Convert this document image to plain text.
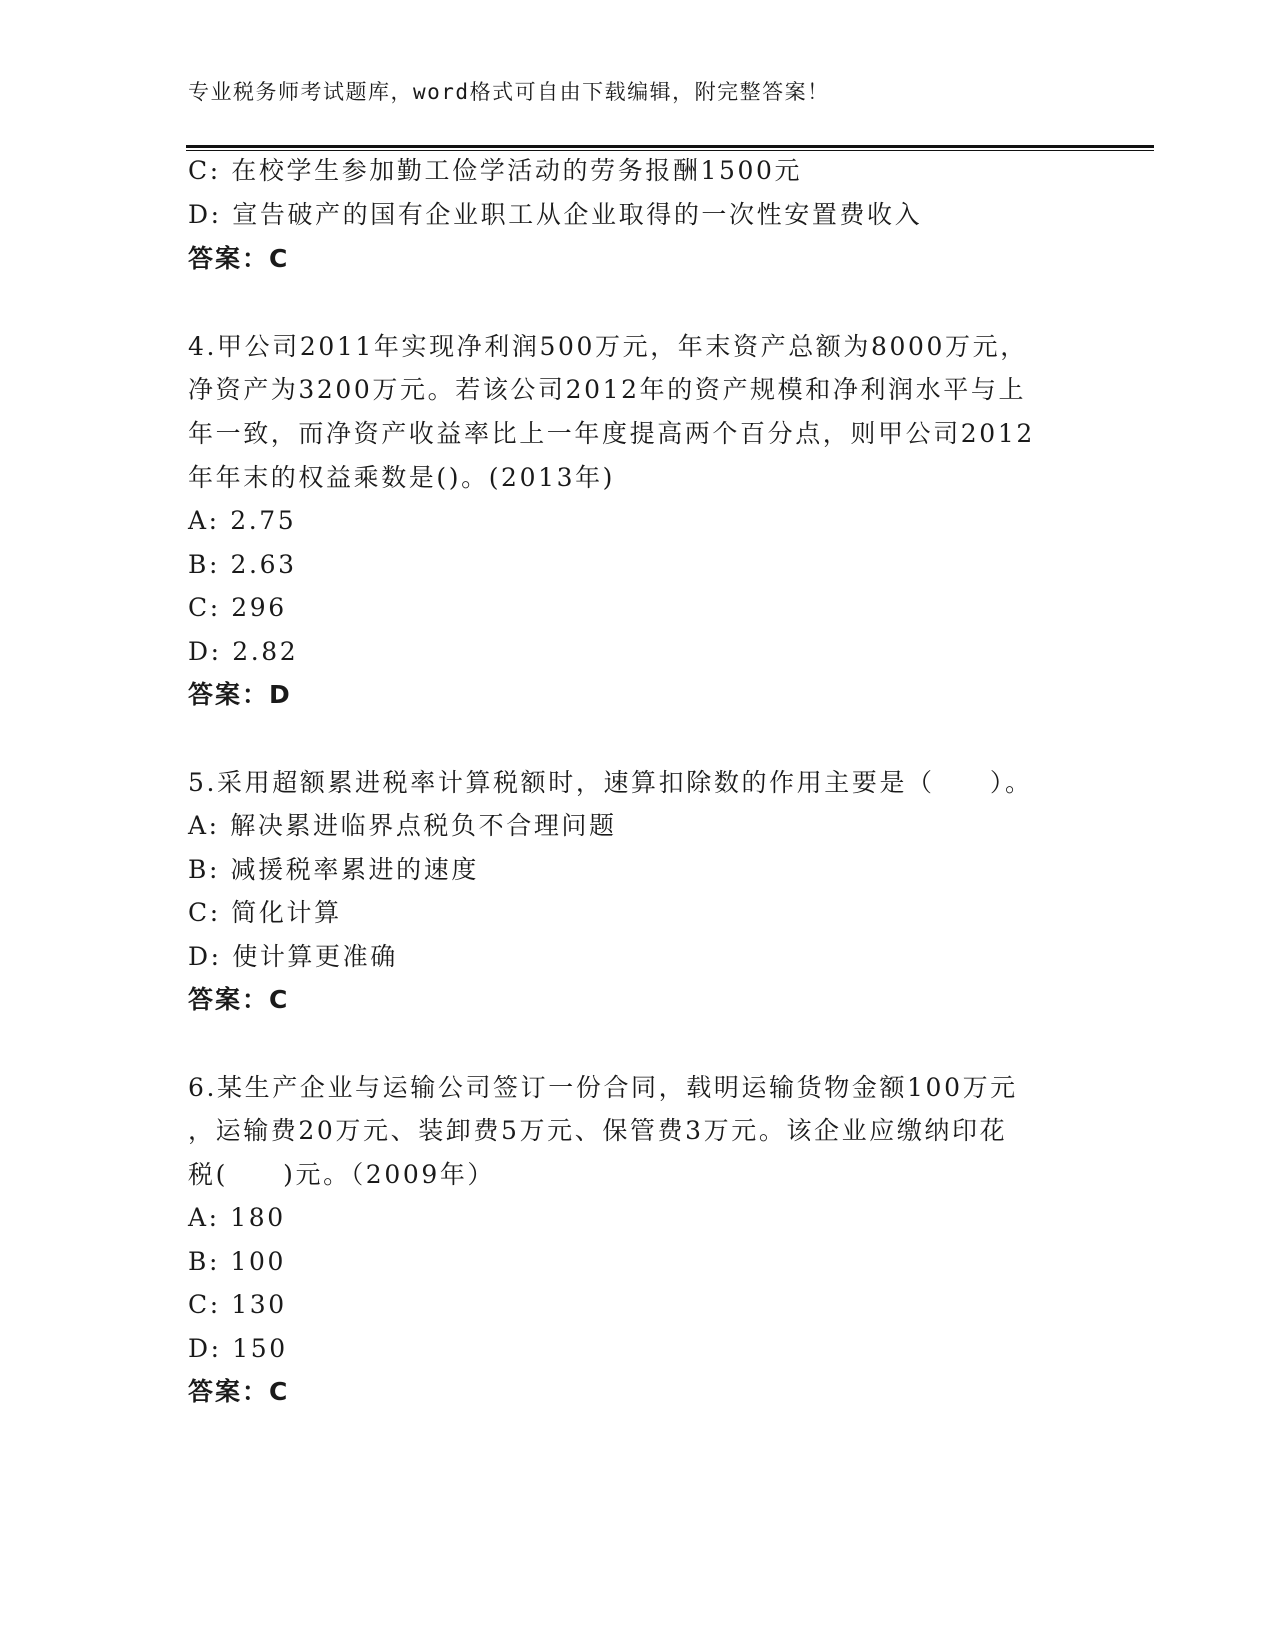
专业税务师考试题库，word格式可自由下载编辑，附完整答案！
C: 在校学生参加勤工俭学活动的劳务报酬1500元
D: 宣告破产的国有企业职工从企业取得的一次性安置费收入
答案：C
4.甲公司2011年实现净利润500万元，年末资产总额为8000万元，
净资产为3200万元。若该公司2012年的资产规模和净利润水平与上
年一致，而净资产收益率比上一年度提高两个百分点，则甲公司2012
年年末的权益乘数是()。(2013年)
A: 2.75
B: 2.63
C: 296
D: 2.82
答案：D
5.采用超额累进税率计算税额时，速算扣除数的作用主要是（　　）。
A: 解决累进临界点税负不合理问题
B: 减援税率累进的速度
C: 简化计算
D: 使计算更准确
答案：C
6.某生产企业与运输公司签订一份合同，载明运输货物金额100万元
，运输费20万元、装卸费5万元、保管费3万元。该企业应缴纳印花
税(　　)元。（2009年）
A: 180
B: 100
C: 130
D: 150
答案：C
